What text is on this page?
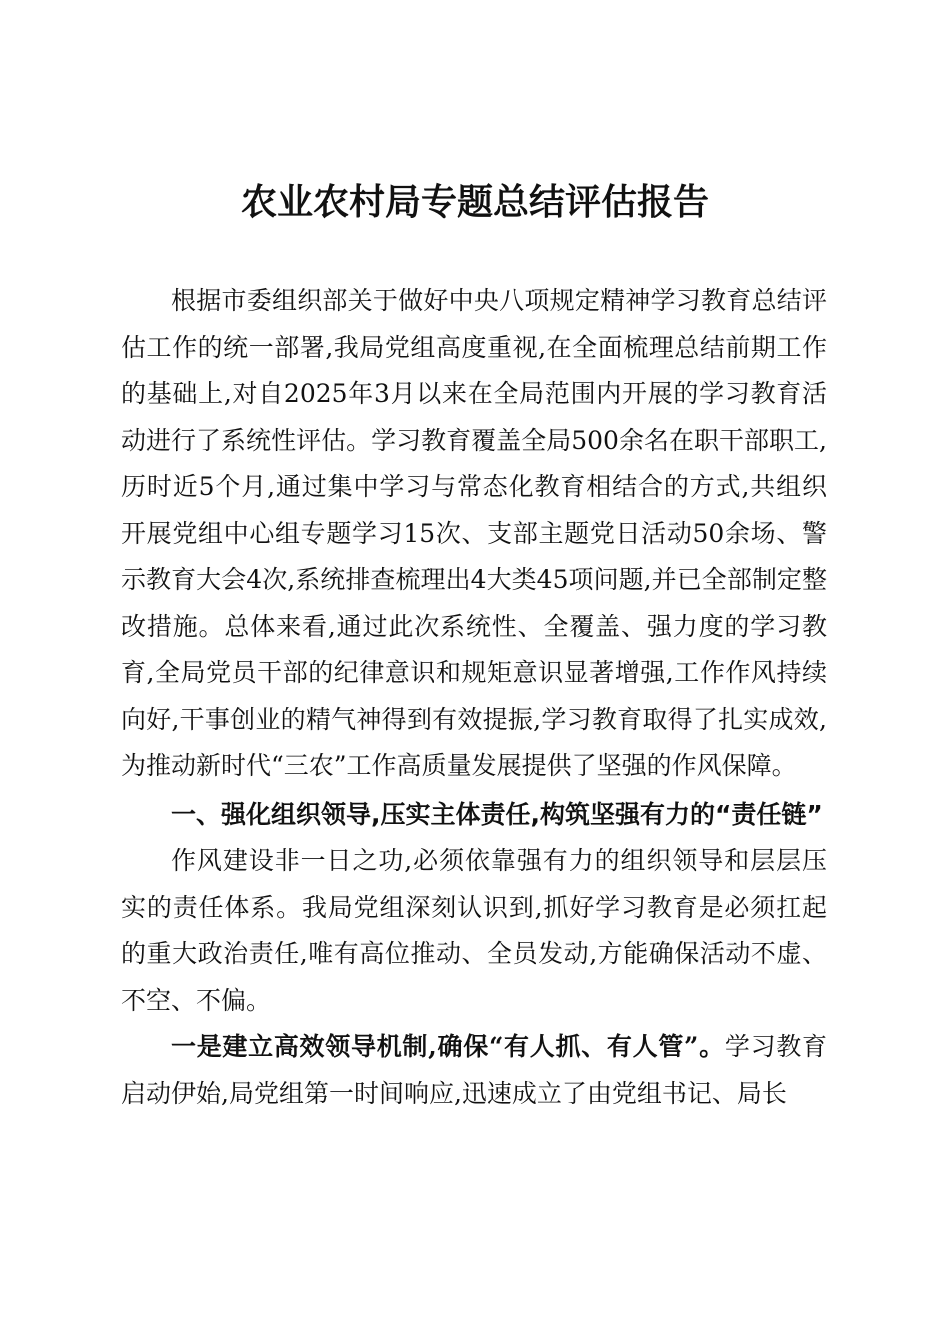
农业农村局专题总结评估报告

根据市委组织部关于做好中央八项规定精神学习教育总结评估工作的统一部署,我局党组高度重视,在全面梳理总结前期工作的基础上,对自2025年3月以来在全局范围内开展的学习教育活动进行了系统性评估。学习教育覆盖全局500余名在职干部职工,历时近5个月,通过集中学习与常态化教育相结合的方式,共组织开展党组中心组专题学习15次、支部主题党日活动50余场、警示教育大会4次,系统排查梳理出4大类45项问题,并已全部制定整改措施。总体来看,通过此次系统性、全覆盖、强力度的学习教育,全局党员干部的纪律意识和规矩意识显著增强,工作作风持续向好,干事创业的精气神得到有效提振,学习教育取得了扎实成效,为推动新时代“三农”工作高质量发展提供了坚强的作风保障。

一、强化组织领导,压实主体责任,构筑坚强有力的“责任链”

作风建设非一日之功,必须依靠强有力的组织领导和层层压实的责任体系。我局党组深刻认识到,抓好学习教育是必须扛起的重大政治责任,唯有高位推动、全员发动,方能确保活动不虚、不空、不偏。

一是建立高效领导机制,确保“有人抓、有人管”。学习教育启动伊始,局党组第一时间响应,迅速成立了由党组书记、局长
